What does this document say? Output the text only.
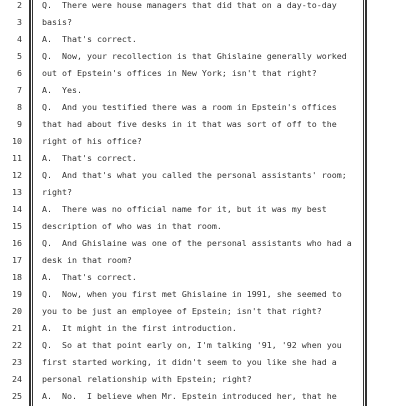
2 Q.  There were house managers that did that on a day-to-day
3 basis?
4 A.  That's correct.
5 Q.  Now, your recollection is that Ghislaine generally worked
6 out of Epstein's offices in New York; isn't that right?
7 A.  Yes.
8 Q.  And you testified there was a room in Epstein's offices
9 that had about five desks in it that was sort of off to the
10 right of his office?
11 A.  That's correct.
12 Q.  And that's what you called the personal assistants' room;
13 right?
14 A.  There was no official name for it, but it was my best
15 description of who was in that room.
16 Q.  And Ghislaine was one of the personal assistants who had a
17 desk in that room?
18 A.  That's correct.
19 Q.  Now, when you first met Ghislaine in 1991, she seemed to
20 you to be just an employee of Epstein; isn't that right?
21 A.  It might in the first introduction.
22 Q.  So at that point early on, I'm talking '91, '92 when you
23 first started working, it didn't seem to you like she had a
24 personal relationship with Epstein; right?
25 A.  No.  I believe when Mr. Epstein introduced her, that he
